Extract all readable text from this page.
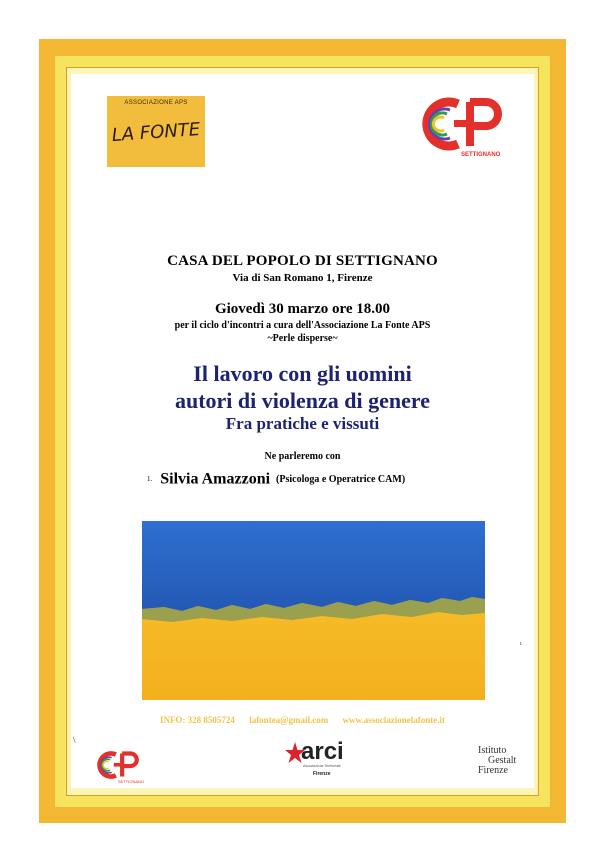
ASSOCIAZIONE APS
LA FONTE
SETTIGNANO
CASA DEL POPOLO DI SETTIGNANO
Via di San Romano 1, Firenze
Giovedì 30 marzo ore 18.00
per il ciclo d'incontri a cura dell'Associazione La Fonte APS
~Perle disperse~
Il lavoro con gli uomini
autori di violenza di genere
Fra pratiche e vissuti
Ne parleremo con
1. Silvia Amazzoni (Psicologa e Operatrice CAM)
INFO: 328 8505724 lafontea@gmail.com www.associazionelafonte.it
\
ı
SETTIGNANO
arci
Associazione Territoriale
Firenze
Istituto
Gestalt
Firenze
